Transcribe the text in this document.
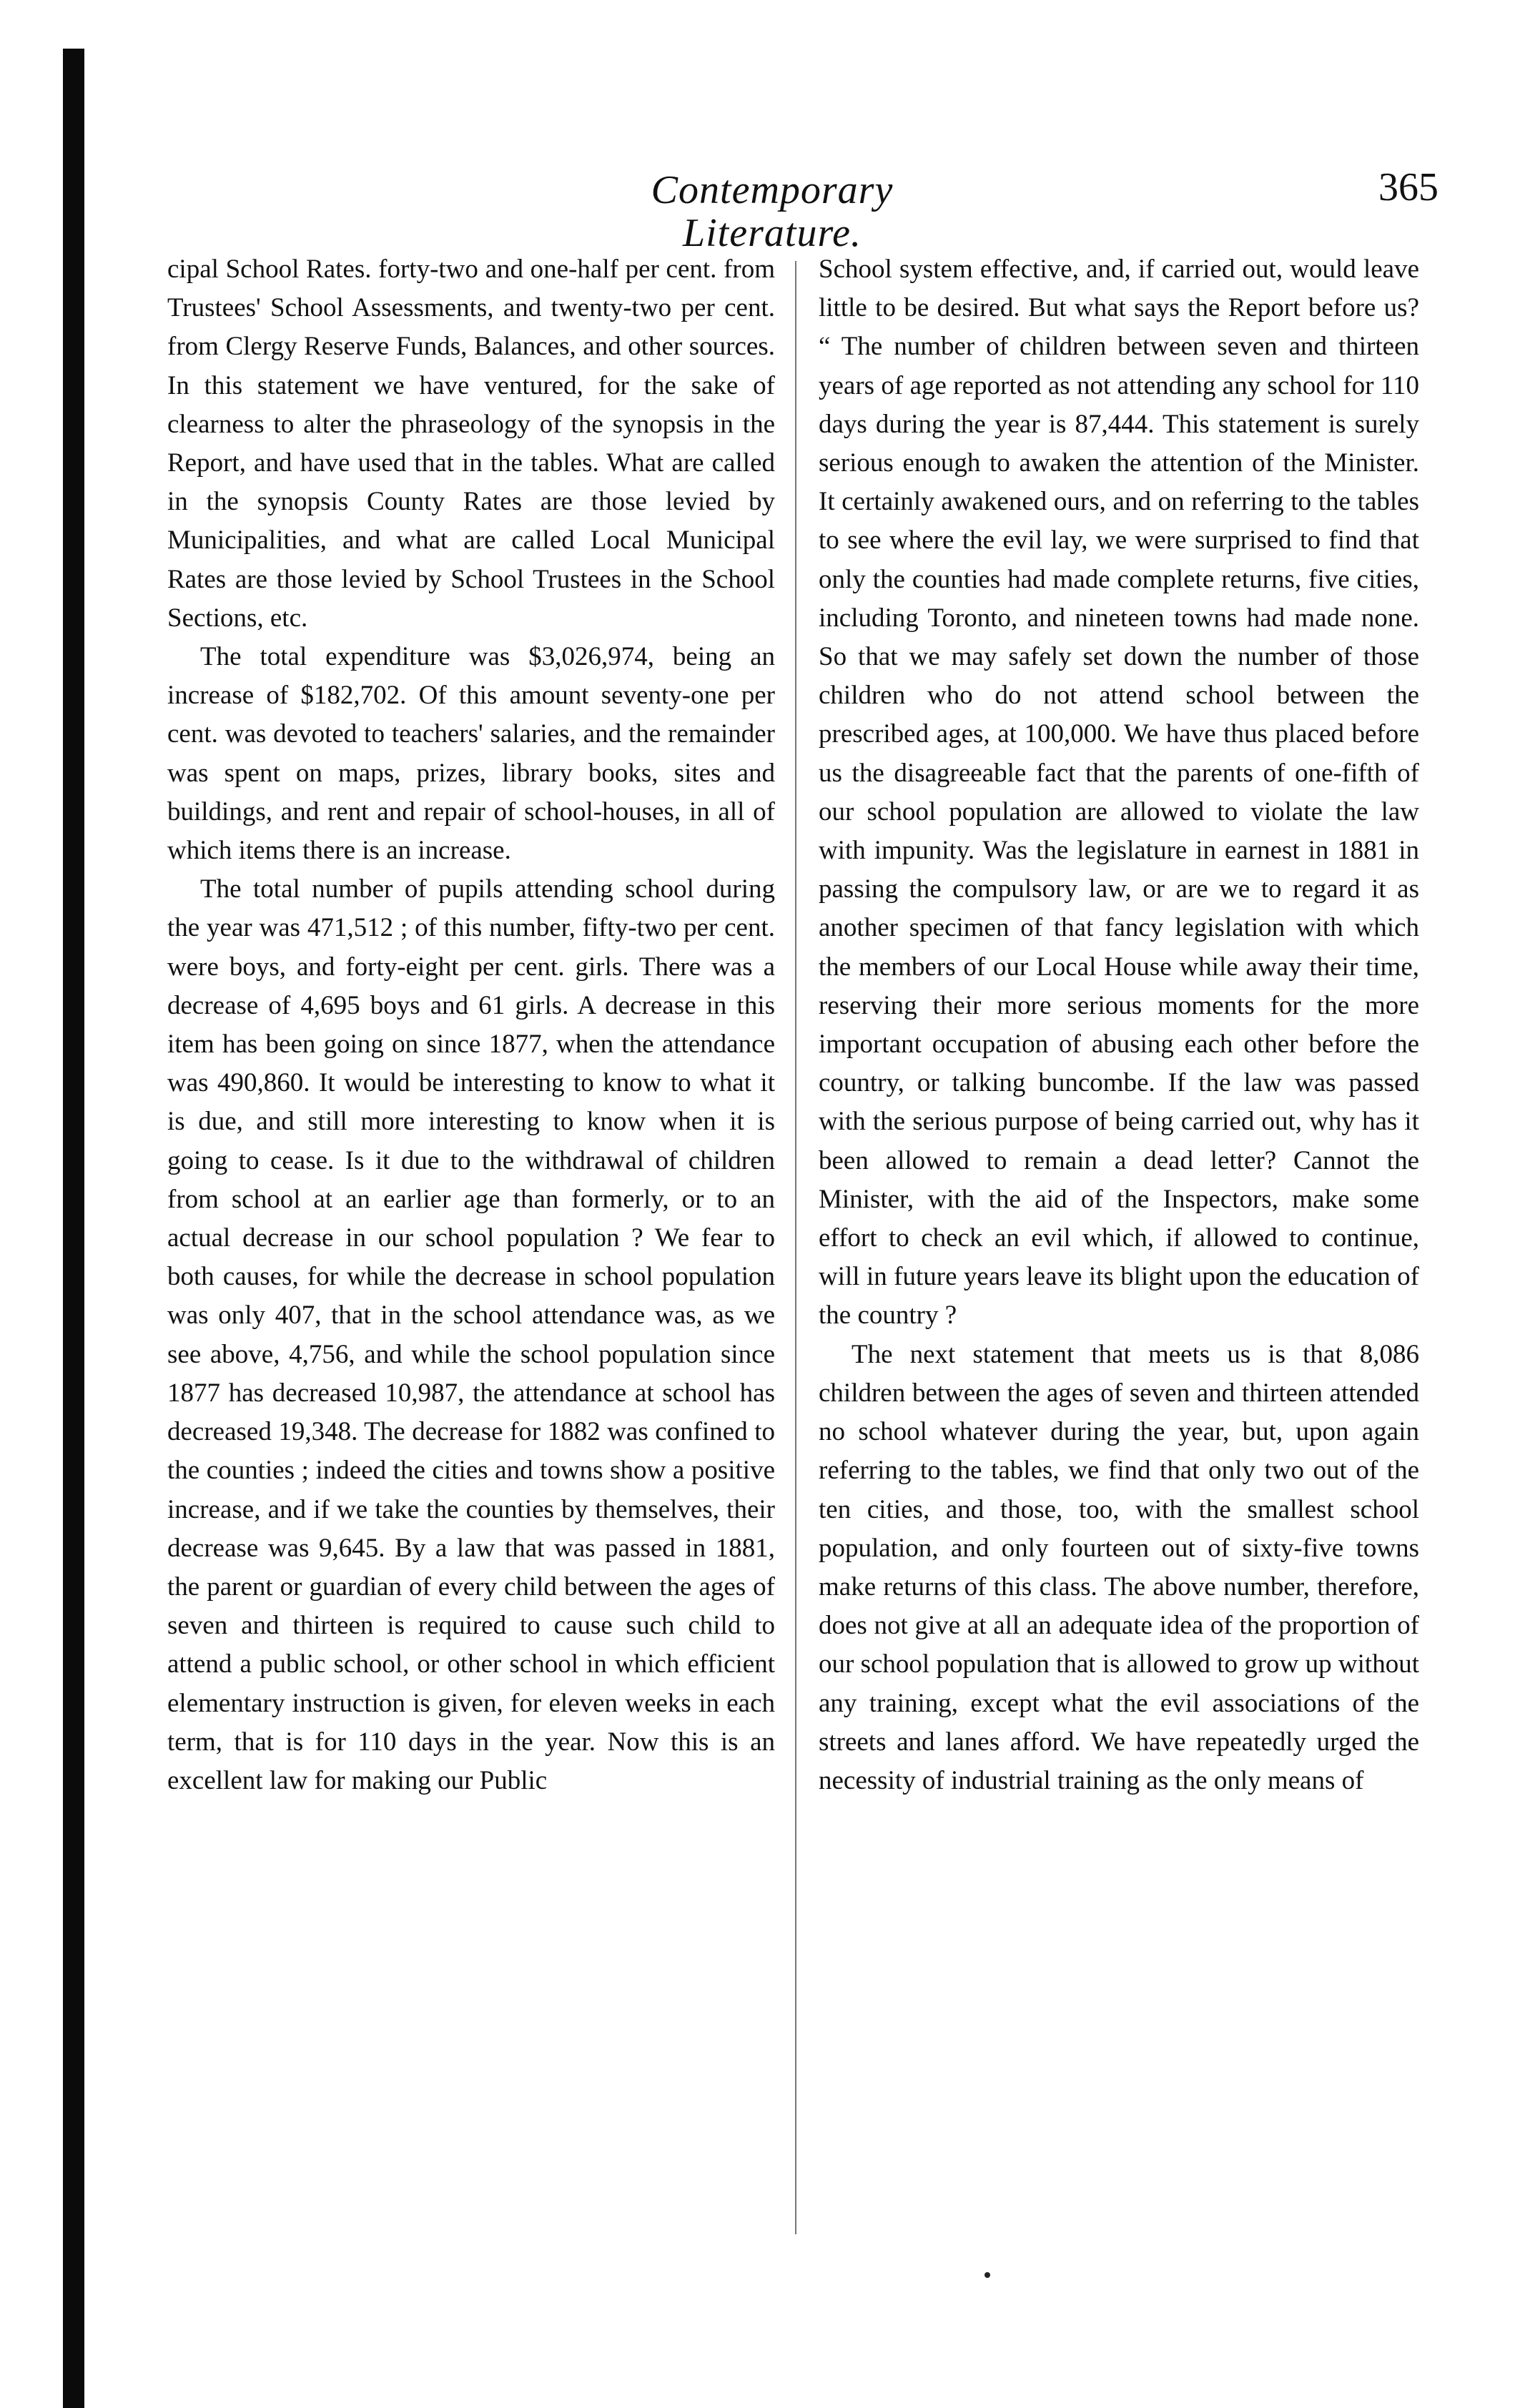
Contemporary Literature.
365

cipal School Rates. forty-two and one-half per cent. from Trustees' School Assessments, and twenty-two per cent. from Clergy Reserve Funds, Balances, and other sources. In this statement we have ventured, for the sake of clearness to alter the phraseology of the synopsis in the Report, and have used that in the tables. What are called in the synopsis County Rates are those levied by Municipalities, and what are called Local Municipal Rates are those levied by School Trustees in the School Sections, etc.

The total expenditure was $3,026,974, being an increase of $182,702. Of this amount seventy-one per cent. was devoted to teachers' salaries, and the remainder was spent on maps, prizes, library books, sites and buildings, and rent and repair of school-houses, in all of which items there is an increase.

The total number of pupils attending school during the year was 471,512 ; of this number, fifty-two per cent. were boys, and forty-eight per cent. girls. There was a decrease of 4,695 boys and 61 girls. A decrease in this item has been going on since 1877, when the attendance was 490,860. It would be interesting to know to what it is due, and still more interesting to know when it is going to cease. Is it due to the withdrawal of children from school at an earlier age than formerly, or to an actual decrease in our school population ? We fear to both causes, for while the decrease in school population was only 407, that in the school attendance was, as we see above, 4,756, and while the school population since 1877 has decreased 10,987, the attendance at school has decreased 19,348. The decrease for 1882 was confined to the counties ; indeed the cities and towns show a positive increase, and if we take the counties by themselves, their decrease was 9,645. By a law that was passed in 1881, the parent or guardian of every child between the ages of seven and thirteen is required to cause such child to attend a public school, or other school in which efficient elementary instruction is given, for eleven weeks in each term, that is for 110 days in the year. Now this is an excellent law for making our Public

School system effective, and, if carried out, would leave little to be desired. But what says the Report before us? “ The number of children between seven and thirteen years of age reported as not attending any school for 110 days during the year is 87,444. This statement is surely serious enough to awaken the attention of the Minister. It certainly awakened ours, and on referring to the tables to see where the evil lay, we were surprised to find that only the counties had made complete returns, five cities, including Toronto, and nineteen towns had made none. So that we may safely set down the number of those children who do not attend school between the prescribed ages, at 100,000. We have thus placed before us the disagreeable fact that the parents of one-fifth of our school population are allowed to violate the law with impunity. Was the legislature in earnest in 1881 in passing the compulsory law, or are we to regard it as another specimen of that fancy legislation with which the members of our Local House while away their time, reserving their more serious moments for the more important occupation of abusing each other before the country, or talking buncombe. If the law was passed with the serious purpose of being carried out, why has it been allowed to remain a dead letter? Cannot the Minister, with the aid of the Inspectors, make some effort to check an evil which, if allowed to continue, will in future years leave its blight upon the education of the country ?

The next statement that meets us is that 8,086 children between the ages of seven and thirteen attended no school whatever during the year, but, upon again referring to the tables, we find that only two out of the ten cities, and those, too, with the smallest school population, and only fourteen out of sixty-five towns make returns of this class. The above number, therefore, does not give at all an adequate idea of the proportion of our school population that is allowed to grow up without any training, except what the evil associations of the streets and lanes afford. We have repeatedly urged the necessity of industrial training as the only means of
